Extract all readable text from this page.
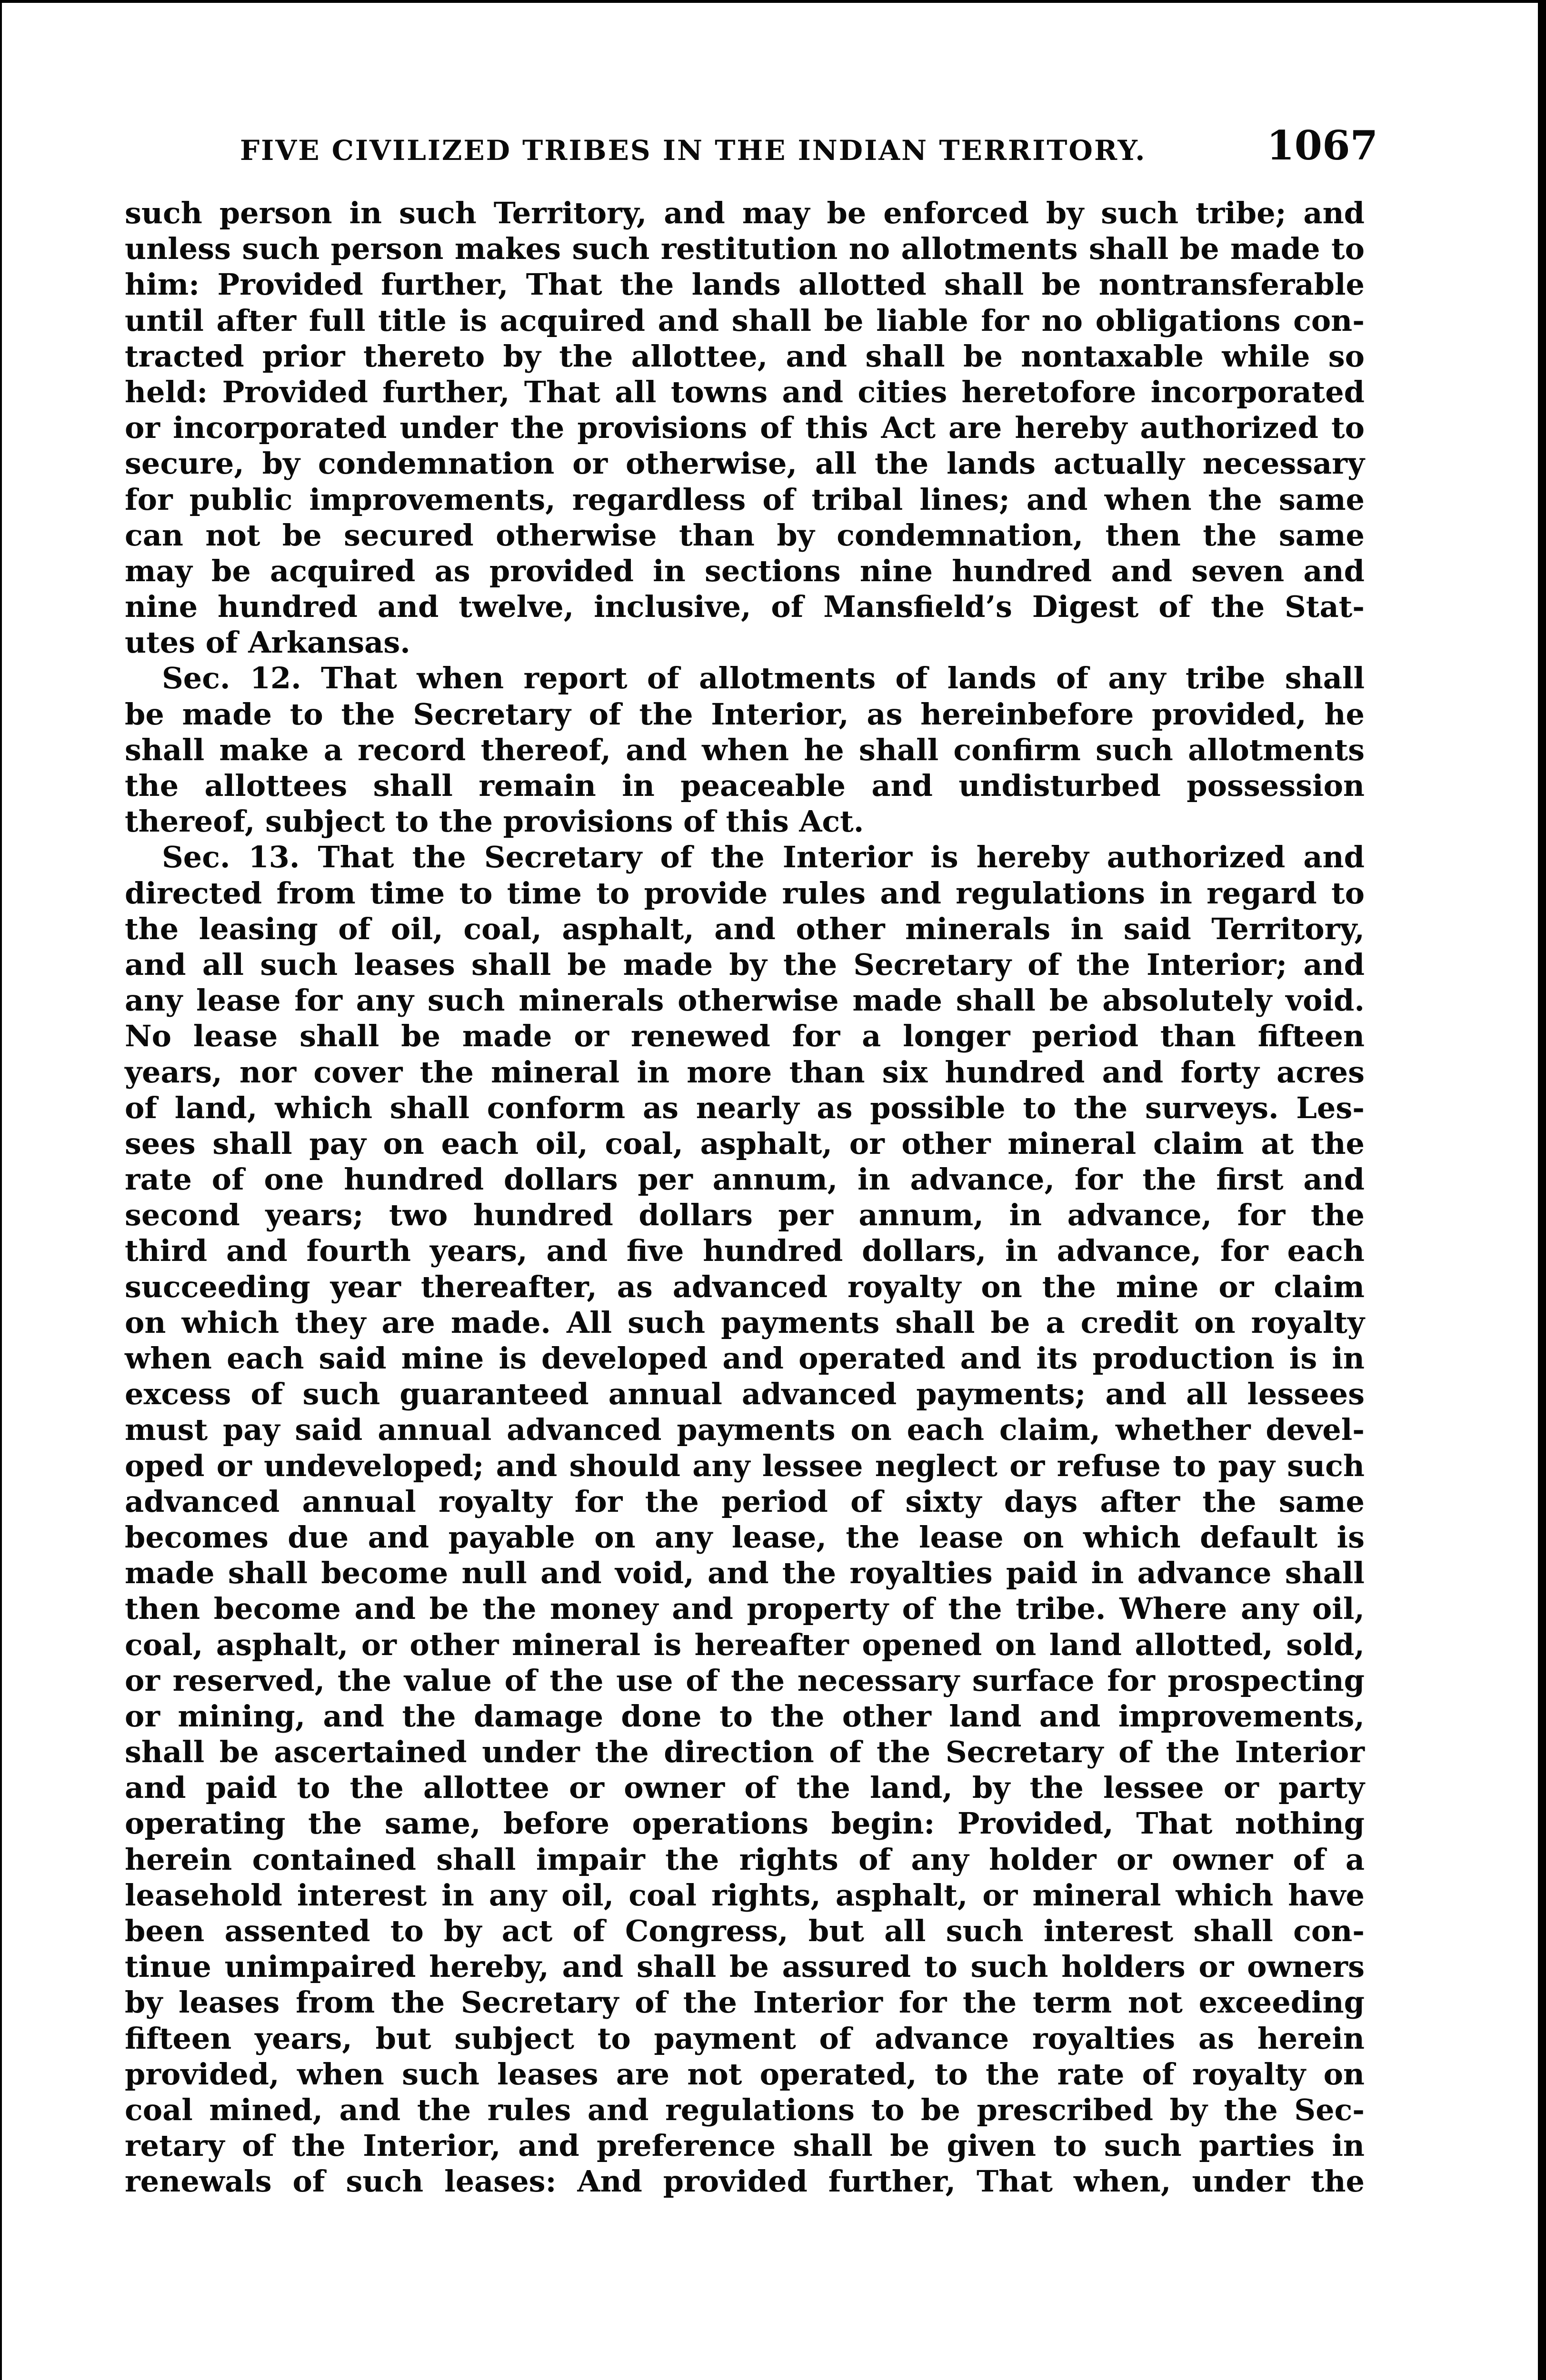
FIVE CIVILIZED TRIBES IN THE INDIAN TERRITORY.	1067
such person in such Territory, and may be enforced by such tribe; and
unless such person makes such restitution no allotments shall be made to
him: Provided further, That the lands allotted shall be nontransferable
until after full title is acquired and shall be liable for no obligations con-
tracted prior thereto by the allottee, and shall be nontaxable while so
held: Provided further, That all towns and cities heretofore incorporated
or incorporated under the provisions of this Act are hereby authorized to
secure, by condemnation or otherwise, all the lands actually necessary
for public improvements, regardless of tribal lines; and when the same
can not be secured otherwise than by condemnation, then the same
may be acquired as provided in sections nine hundred and seven and
nine hundred and twelve, inclusive, of Mansfield’s Digest of the Stat-
utes of Arkansas.
Sec. 12. That when report of allotments of lands of any tribe shall
be made to the Secretary of the Interior, as hereinbefore provided, he
shall make a record thereof, and when he shall confirm such allotments
the allottees shall remain in peaceable and undisturbed possession
thereof, subject to the provisions of this Act.
Sec. 13. That the Secretary of the Interior is hereby authorized and
directed from time to time to provide rules and regulations in regard to
the leasing of oil, coal, asphalt, and other minerals in said Territory,
and all such leases shall be made by the Secretary of the Interior; and
any lease for any such minerals otherwise made shall be absolutely void.
No lease shall be made or renewed for a longer period than fifteen
years, nor cover the mineral in more than six hundred and forty acres
of land, which shall conform as nearly as possible to the surveys. Les-
sees shall pay on each oil, coal, asphalt, or other mineral claim at the
rate of one hundred dollars per annum, in advance, for the first and
second years; two hundred dollars per annum, in advance, for the
third and fourth years, and five hundred dollars, in advance, for each
succeeding year thereafter, as advanced royalty on the mine or claim
on which they are made. All such payments shall be a credit on royalty
when each said mine is developed and operated and its production is in
excess of such guaranteed annual advanced payments; and all lessees
must pay said annual advanced payments on each claim, whether devel-
oped or undeveloped; and should any lessee neglect or refuse to pay such
advanced annual royalty for the period of sixty days after the same
becomes due and payable on any lease, the lease on which default is
made shall become null and void, and the royalties paid in advance shall
then become and be the money and property of the tribe. Where any oil,
coal, asphalt, or other mineral is hereafter opened on land allotted, sold,
or reserved, the value of the use of the necessary surface for prospecting
or mining, and the damage done to the other land and improvements,
shall be ascertained under the direction of the Secretary of the Interior
and paid to the allottee or owner of the land, by the lessee or party
operating the same, before operations begin: Provided, That nothing
herein contained shall impair the rights of any holder or owner of a
leasehold interest in any oil, coal rights, asphalt, or mineral which have
been assented to by act of Congress, but all such interest shall con-
tinue unimpaired hereby, and shall be assured to such holders or owners
by leases from the Secretary of the Interior for the term not exceeding
fifteen years, but subject to payment of advance royalties as herein
provided, when such leases are not operated, to the rate of royalty on
coal mined, and the rules and regulations to be prescribed by the Sec-
retary of the Interior, and preference shall be given to such parties in
renewals of such leases: And provided further, That when, under the
